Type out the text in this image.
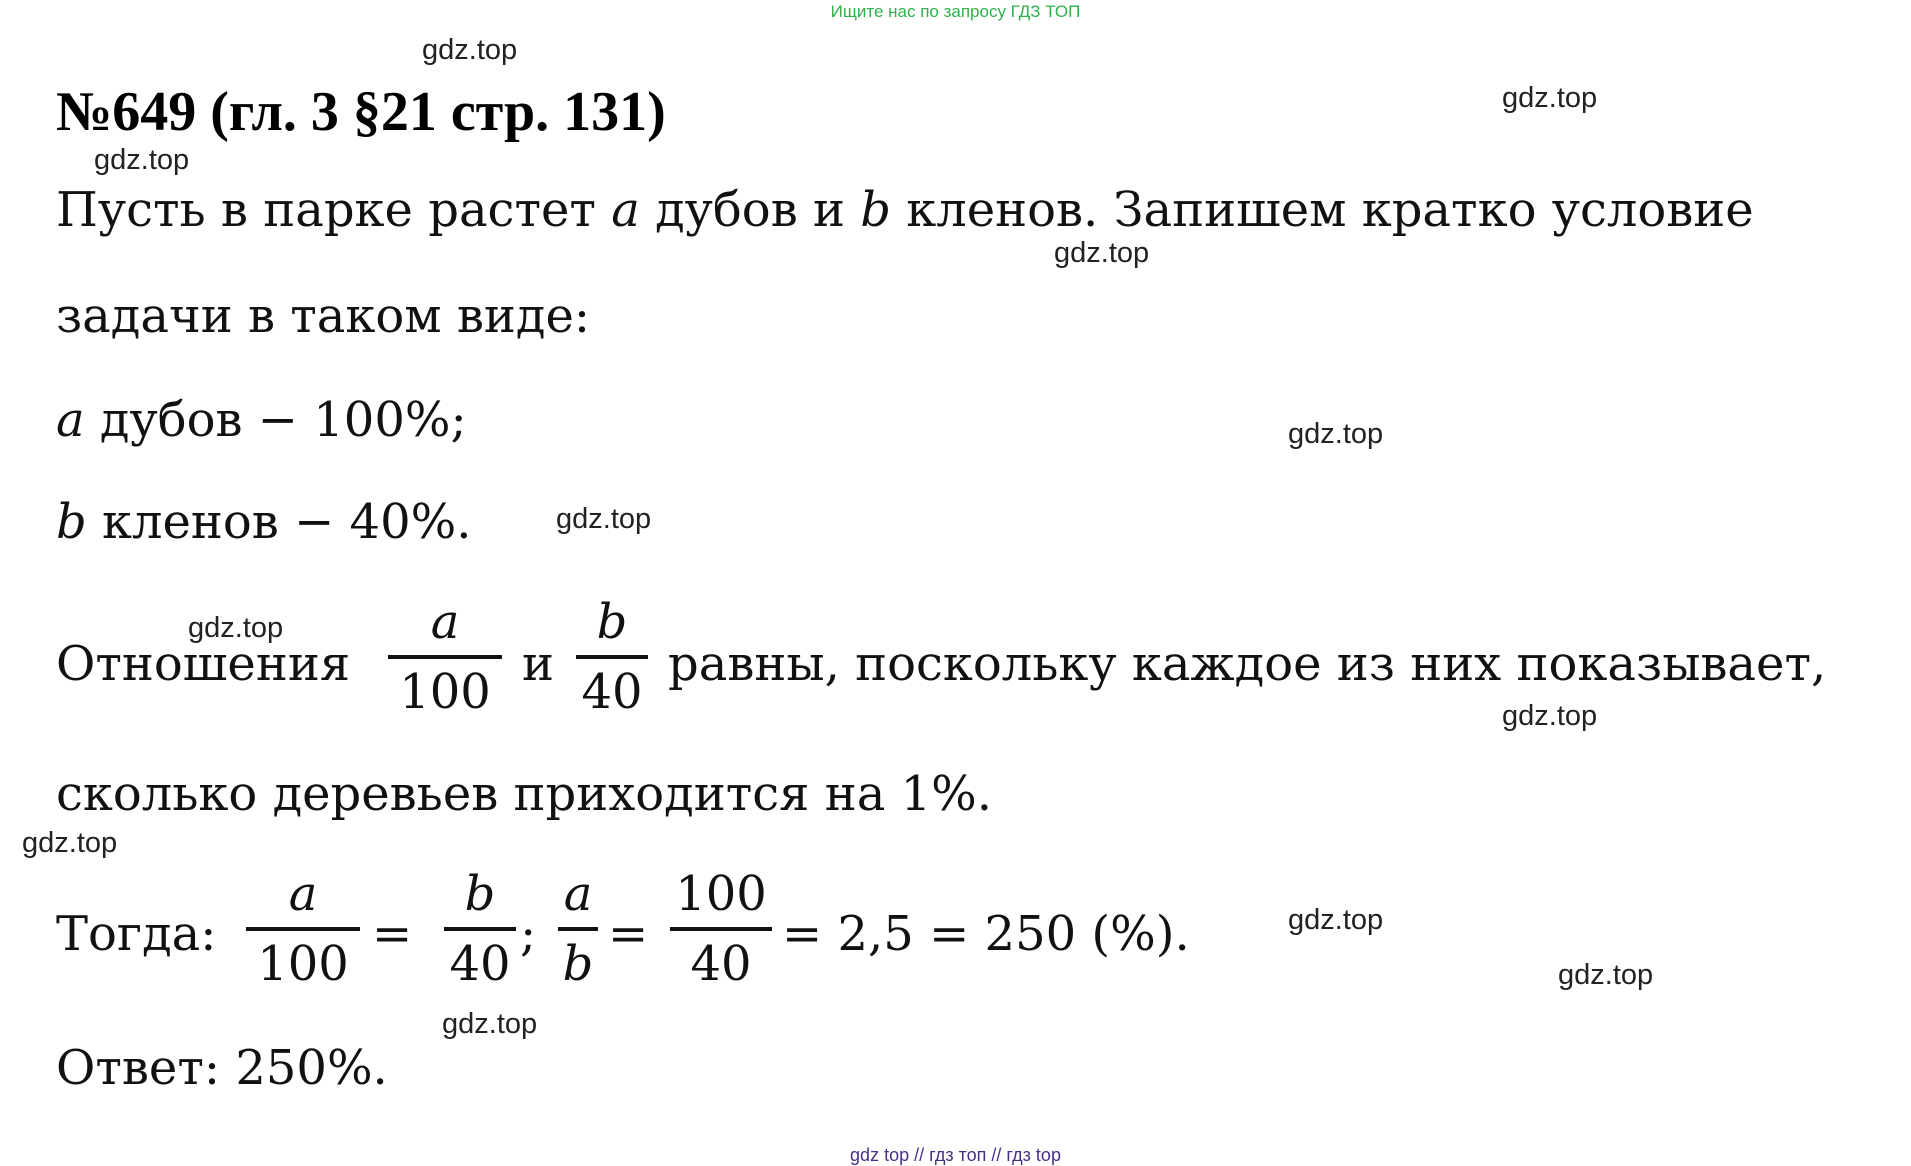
Ищите нас по запросу ГДЗ ТОП
gdz.top
gdz.top
gdz.top
gdz.top
gdz.top
gdz.top
gdz.top
gdz.top
gdz.top
gdz.top
gdz.top
gdz.top
№649 (гл. 3 §21 стр. 131)
Пусть в парке растет a дубов и b кленов. Запишем кратко условие
задачи в таком виде:
a дубов − 100%;
b кленов − 40%.
Отношения
a
100 и
b
40 равны, поскольку каждое из них показывает,
сколько деревьев приходится на 1%.
Тогда:
a
100
=
b
40
;
a
b
=
100
40
= 2,5 = 250 (%).
Ответ: 250%.
gdz top // гдз топ // гдз top
